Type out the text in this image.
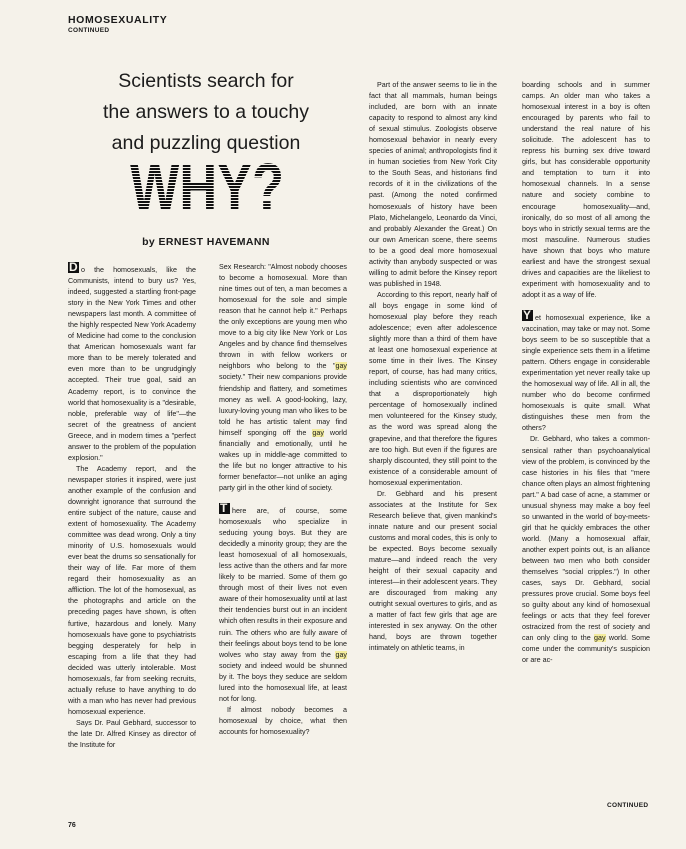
HOMOSEXUALITY
CONTINUED
Scientists search for
the answers to a touchy
and puzzling question
WHY?
by ERNEST HAVEMANN

D o the homosexuals, like the Communists, intend to bury us? Yes, indeed, suggested a startling front-page story in the New York Times and other newspapers last month. A committee of the highly respected New York Academy of Medicine had come to the conclusion that American homosexuals want far more than to be merely tolerated and even more than to be ungrudgingly accepted. Their true goal, said an Academy report, is to convince the world that homosexuality is a "desirable, noble, preferable way of life"—the secret of the greatness of ancient Greece, and in modern times a "perfect answer to the problem of the population explosion."

The Academy report, and the newspaper stories it inspired, were just another example of the confusion and downright ignorance that surround the entire subject of the nature, cause and extent of homosexuality. The Academy committee was dead wrong. Only a tiny minority of U.S. homosexuals would ever beat the drums so sensationally for their way of life. Far more of them regard their homosexuality as an affliction. The lot of the homosexual, as the photographs and article on the preceding pages have shown, is often furtive, hazardous and lonely. Many homosexuals have gone to psychiatrists begging desperately for help in escaping from a life that they had decided was utterly intolerable. Most homosexuals, far from seeking recruits, actually refuse to have anything to do with a man who has never had previous homosexual experience.

Says Dr. Paul Gebhard, successor to the late Dr. Alfred Kinsey as director of the Institute for

Sex Research: "Almost nobody chooses to become a homosexual. More than nine times out of ten, a man becomes a homosexual for the sole and simple reason that he cannot help it." Perhaps the only exceptions are young men who move to a big city like New York or Los Angeles and by chance find themselves thrown in with fellow workers or neighbors who belong to the "gay society." Their new companions provide friendship and flattery, and sometimes money as well. A good-looking, lazy, luxury-loving young man who likes to be told he has artistic talent may find himself sponging off the gay world financially and emotionally, until he wakes up in middle-age committed to the life but no longer attractive to his former benefactor—not unlike an aging party girl in the other kind of society.

T here are, of course, some homosexuals who specialize in seducing young boys. But they are decidedly a minority group; they are the least homosexual of all homosexuals, less active than the others and far more likely to be married. Some of them go through most of their lives not even aware of their homosexuality until at last their tendencies burst out in an incident which often results in their exposure and ruin. The others who are fully aware of their feelings about boys tend to be lone wolves who stay away from the gay society and indeed would be shunned by it. The boys they seduce are seldom lured into the homosexual life, at least not for long.

If almost nobody becomes a homosexual by choice, what then accounts for homosexuality?

Part of the answer seems to lie in the fact that all mammals, human beings included, are born with an innate capacity to respond to almost any kind of sexual stimulus. Zoologists observe homosexual behavior in nearly every species of animal; anthropologists find it in human societies from New York City to the South Seas, and historians find records of it in the civilizations of the past. (Among the noted confirmed homosexuals of history have been Plato, Michelangelo, Leonardo da Vinci, and probably Alexander the Great.) On our own American scene, there seems to be a good deal more homosexual activity than anybody suspected or was willing to admit before the Kinsey report was published in 1948.

According to this report, nearly half of all boys engage in some kind of homosexual play before they reach adolescence; even after adolescence slightly more than a third of them have at least one homosexual experience at some time in their lives. The Kinsey report, of course, has had many critics, including scientists who are convinced that a disproportionately high percentage of homosexually inclined men volunteered for the Kinsey study, as the word was spread along the grapevine, and that therefore the figures are too high. But even if the figures are sharply discounted, they still point to the existence of a considerable amount of homosexual experimentation.

Dr. Gebhard and his present associates at the Institute for Sex Research believe that, given mankind's innate nature and our present social customs and moral codes, this is only to be expected. Boys become sexually mature—and indeed reach the very height of their sexual capacity and interest—in their adolescent years. They are discouraged from making any outright sexual overtures to girls, and as a matter of fact few girls that age are interested in sex anyway. On the other hand, boys are thrown together intimately on athletic teams, in

boarding schools and in summer camps. An older man who takes a homosexual interest in a boy is often encouraged by parents who fail to understand the real nature of his solicitude. The adolescent has to repress his burning sex drive toward girls, but has considerable opportunity and temptation to turn it into homosexual channels. In a sense nature and society combine to encourage homosexuality—and, ironically, do so most of all among the boys who in strictly sexual terms are the most masculine. Numerous studies have shown that boys who mature earliest and have the strongest sexual drives and capacities are the likeliest to experiment with homosexuality and to adopt it as a way of life.

Y et homosexual experience, like a vaccination, may take or may not. Some boys seem to be so susceptible that a single experience sets them in a lifetime pattern. Others engage in considerable experimentation yet never really take up the homosexual way of life. All in all, the number who do become confirmed homosexuals is quite small. What distinguishes these men from the others?

Dr. Gebhard, who takes a common-sensical rather than psychoanalytical view of the problem, is convinced by the case histories in his files that "mere chance often plays an almost frightening part." A bad case of acne, a stammer or unusual shyness may make a boy feel so unwanted in the world of boy-meets-girl that he quickly embraces the other world. (Many a homosexual affair, another expert points out, is an alliance between two men who both consider themselves "social cripples.") In other cases, says Dr. Gebhard, social pressures prove crucial. Some boys feel so guilty about any kind of homosexual feelings or acts that they feel forever ostracized from the rest of society and can only cling to the gay world. Some come under the community's suspicion or are ac-

CONTINUED
76
